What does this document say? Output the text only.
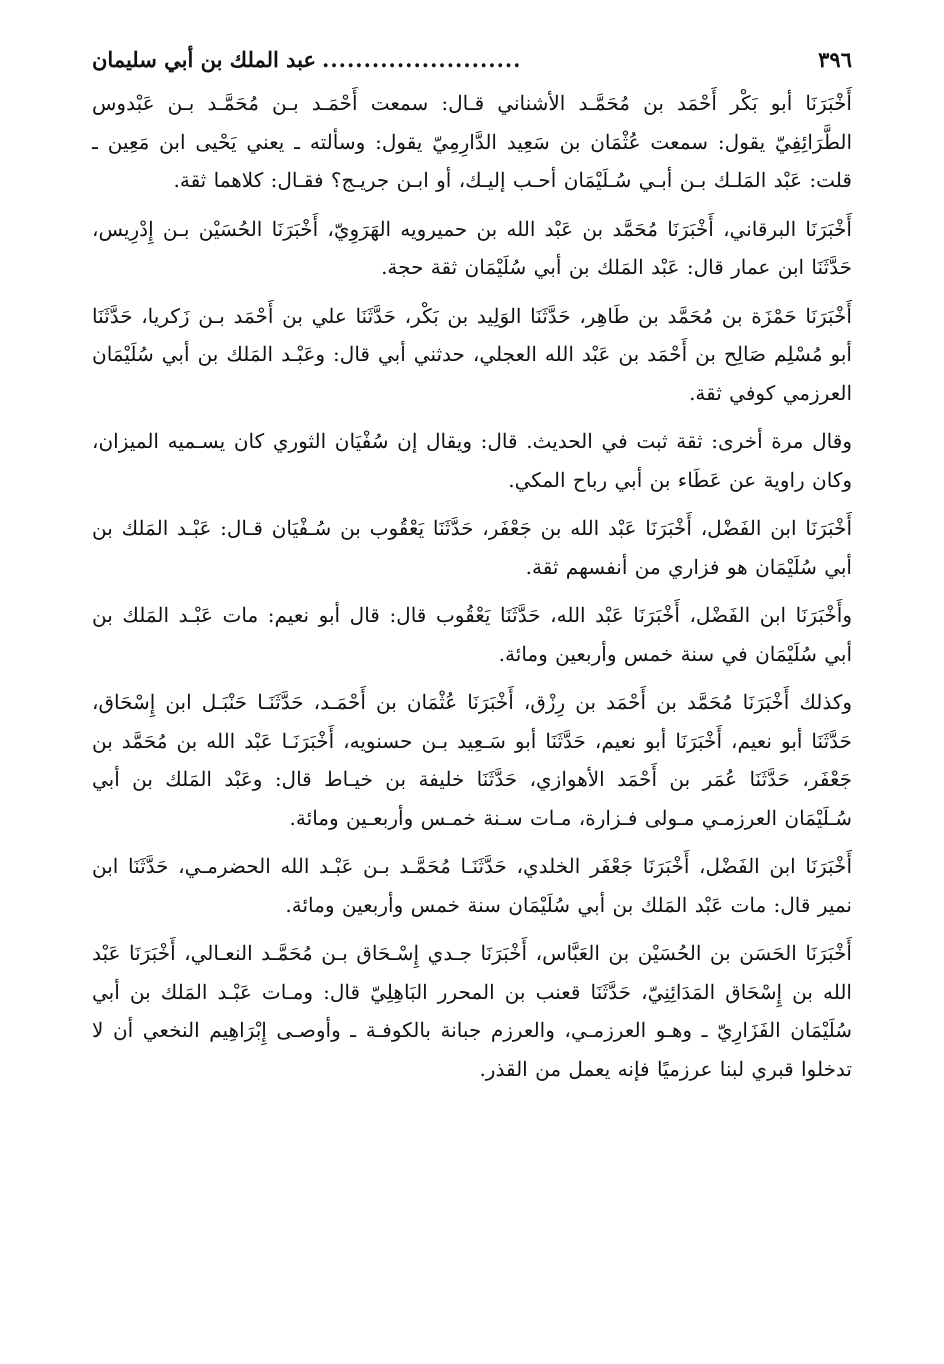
٣٩٦
........................
عبد الملك بن أبي سليمان

أَخْبَرَنَا أبو بَكْر أَحْمَد بن مُحَمَّـد الأشناني قـال: سمعت أَحْمَـد بـن مُحَمَّـد بـن عَبْدوس الطَّرَائِفِيّ يقول: سمعت عُثْمَان بن سَعِيد الدَّارِمِيّ يقول: وسألته ـ يعني يَحْيى ابن مَعِين ـ قلت: عَبْد المَلـك بـن أبـي سُـلَيْمَان أحـب إليـك، أو ابـن جريـج؟ فقـال: كلاهما ثقة.

أَخْبَرَنَا البرقاني، أَخْبَرَنَا مُحَمَّد بن عَبْد الله بن حميرويه الهَرَوِيّ، أَخْبَرَنَا الحُسَيْن بـن إِدْرِيس، حَدَّثَنَا ابن عمار قال: عَبْد المَلك بن أبي سُلَيْمَان ثقة حجة.

أَخْبَرَنَا حَمْزَة بن مُحَمَّد بن طَاهِر، حَدَّثَنَا الوَلِيد بن بَكْر، حَدَّثَنَا علي بن أَحْمَد بـن زَكريا، حَدَّثَنَا أبو مُسْلِم صَالِح بن أَحْمَد بن عَبْد الله العجلي، حدثني أبي قال: وعَبْـد المَلك بن أبي سُلَيْمَان العرزمي كوفي ثقة.

وقال مرة أخرى: ثقة ثبت في الحديث. قال: ويقال إن سُفْيَان الثوري كان يسـميه الميزان، وكان راوية عن عَطَاء بن أبي رباح المكي.

أَخْبَرَنَا ابن الفَضْل، أَخْبَرَنَا عَبْد الله بن جَعْفَر، حَدَّثَنَا يَعْقُوب بن سُـفْيَان قـال: عَبْـد المَلك بن أبي سُلَيْمَان هو فزاري من أنفسهم ثقة.

وأَخْبَرَنَا ابن الفَضْل، أَخْبَرَنَا عَبْد الله، حَدَّثَنَا يَعْقُوب قال: قال أبو نعيم: مات عَبْـد المَلك بن أبي سُلَيْمَان في سنة خمس وأربعين ومائة.

وكذلك أَخْبَرَنَا مُحَمَّد بن أَحْمَد بن رِزْق، أَخْبَرَنَا عُثْمَان بن أَحْمَـد، حَدَّثَنَـا حَنْبَـل ابن إِسْحَاق، حَدَّثَنَا أبو نعيم، أَخْبَرَنَا أبو نعيم، حَدَّثَنَا أبو سَـعِيد بـن حسنويه، أَخْبَرَنَـا عَبْد الله بن مُحَمَّد بن جَعْفَر، حَدَّثَنَا عُمَر بن أَحْمَد الأهوازي، حَدَّثَنَا خليفة بن خيـاط قال: وعَبْد المَلك بن أبي سُـلَيْمَان العرزمـي مـولى فـزارة، مـات سـنة خمـس وأربعـين ومائة.

أَخْبَرَنَا ابن الفَضْل، أَخْبَرَنَا جَعْفَر الخلدي، حَدَّثَنَـا مُحَمَّـد بـن عَبْـد الله الحضرمـي، حَدَّثَنَا ابن نمير قال: مات عَبْد المَلك بن أبي سُلَيْمَان سنة خمس وأربعين ومائة.

أَخْبَرَنَا الحَسَن بن الحُسَيْن بن العَبَّاس، أَخْبَرَنَا جـدي إِسْـحَاق بـن مُحَمَّـد النعـالي، أَخْبَرَنَا عَبْد الله بن إِسْحَاق المَدَائِنِيّ، حَدَّثَنَا قعنب بن المحرر البَاهِلِيّ قال: ومـات عَبْـد المَلك بن أبي سُلَيْمَان الفَزَارِيّ ـ وهـو العرزمـي، والعرزم جبانة بالكوفـة ـ وأوصـى إِبْرَاهِيم النخعي أن لا تدخلوا قبري لبنا عرزميًا فإنه يعمل من القذر.
